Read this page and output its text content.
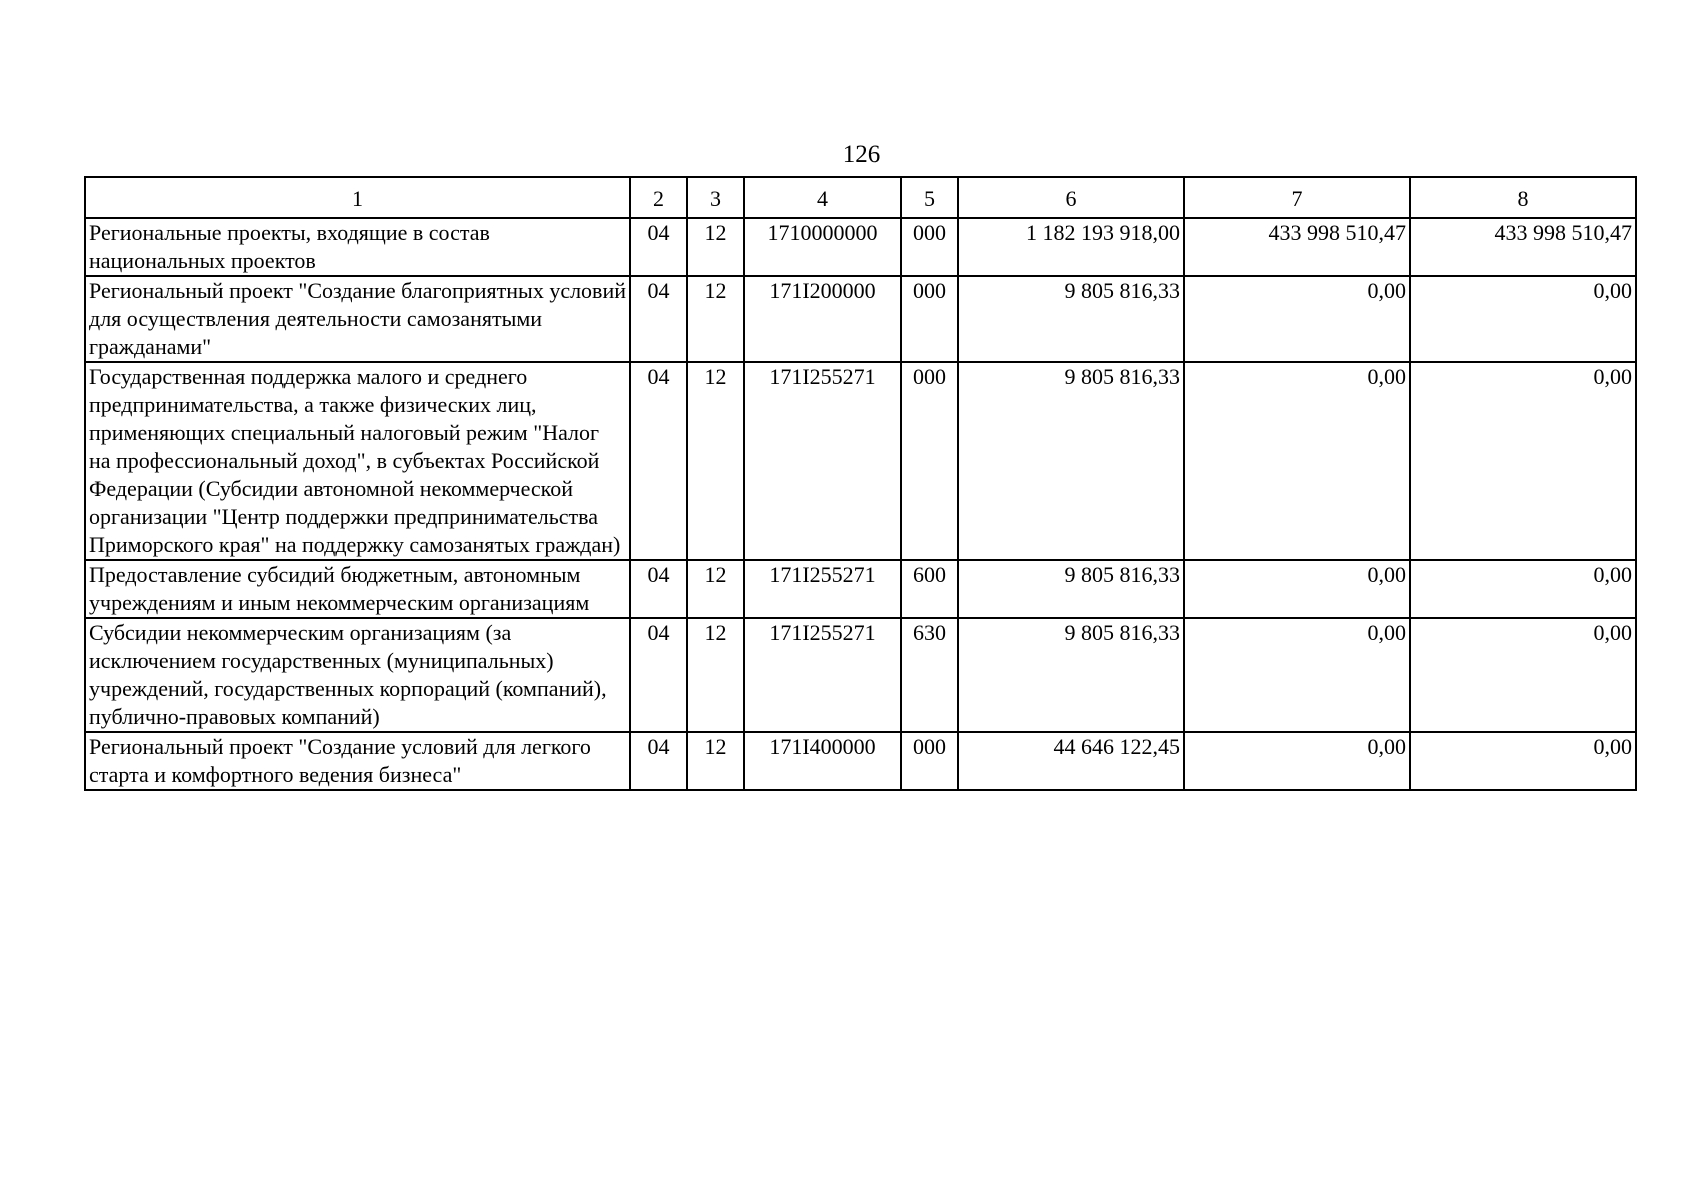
126
1	2	3	4	5	6	7	8
Региональные проекты, входящие в состав национальных проектов	04	12	1710000000	000	1 182 193 918,00	433 998 510,47	433 998 510,47
Региональный проект "Создание благоприятных условий для осуществления деятельности самозанятыми гражданами"	04	12	171I200000	000	9 805 816,33	0,00	0,00
Государственная поддержка малого и среднего предпринимательства, а также физических лиц, применяющих специальный налоговый режим "Налог на профессиональный доход", в субъектах Российской Федерации (Субсидии автономной некоммерческой организации "Центр поддержки предпринимательства Приморского края" на поддержку самозанятых граждан)	04	12	171I255271	000	9 805 816,33	0,00	0,00
Предоставление субсидий бюджетным, автономным учреждениям и иным некоммерческим организациям	04	12	171I255271	600	9 805 816,33	0,00	0,00
Субсидии некоммерческим организациям (за исключением государственных (муниципальных) учреждений, государственных корпораций (компаний), публично-правовых компаний)	04	12	171I255271	630	9 805 816,33	0,00	0,00
Региональный проект "Создание условий для легкого старта и комфортного ведения бизнеса"	04	12	171I400000	000	44 646 122,45	0,00	0,00
